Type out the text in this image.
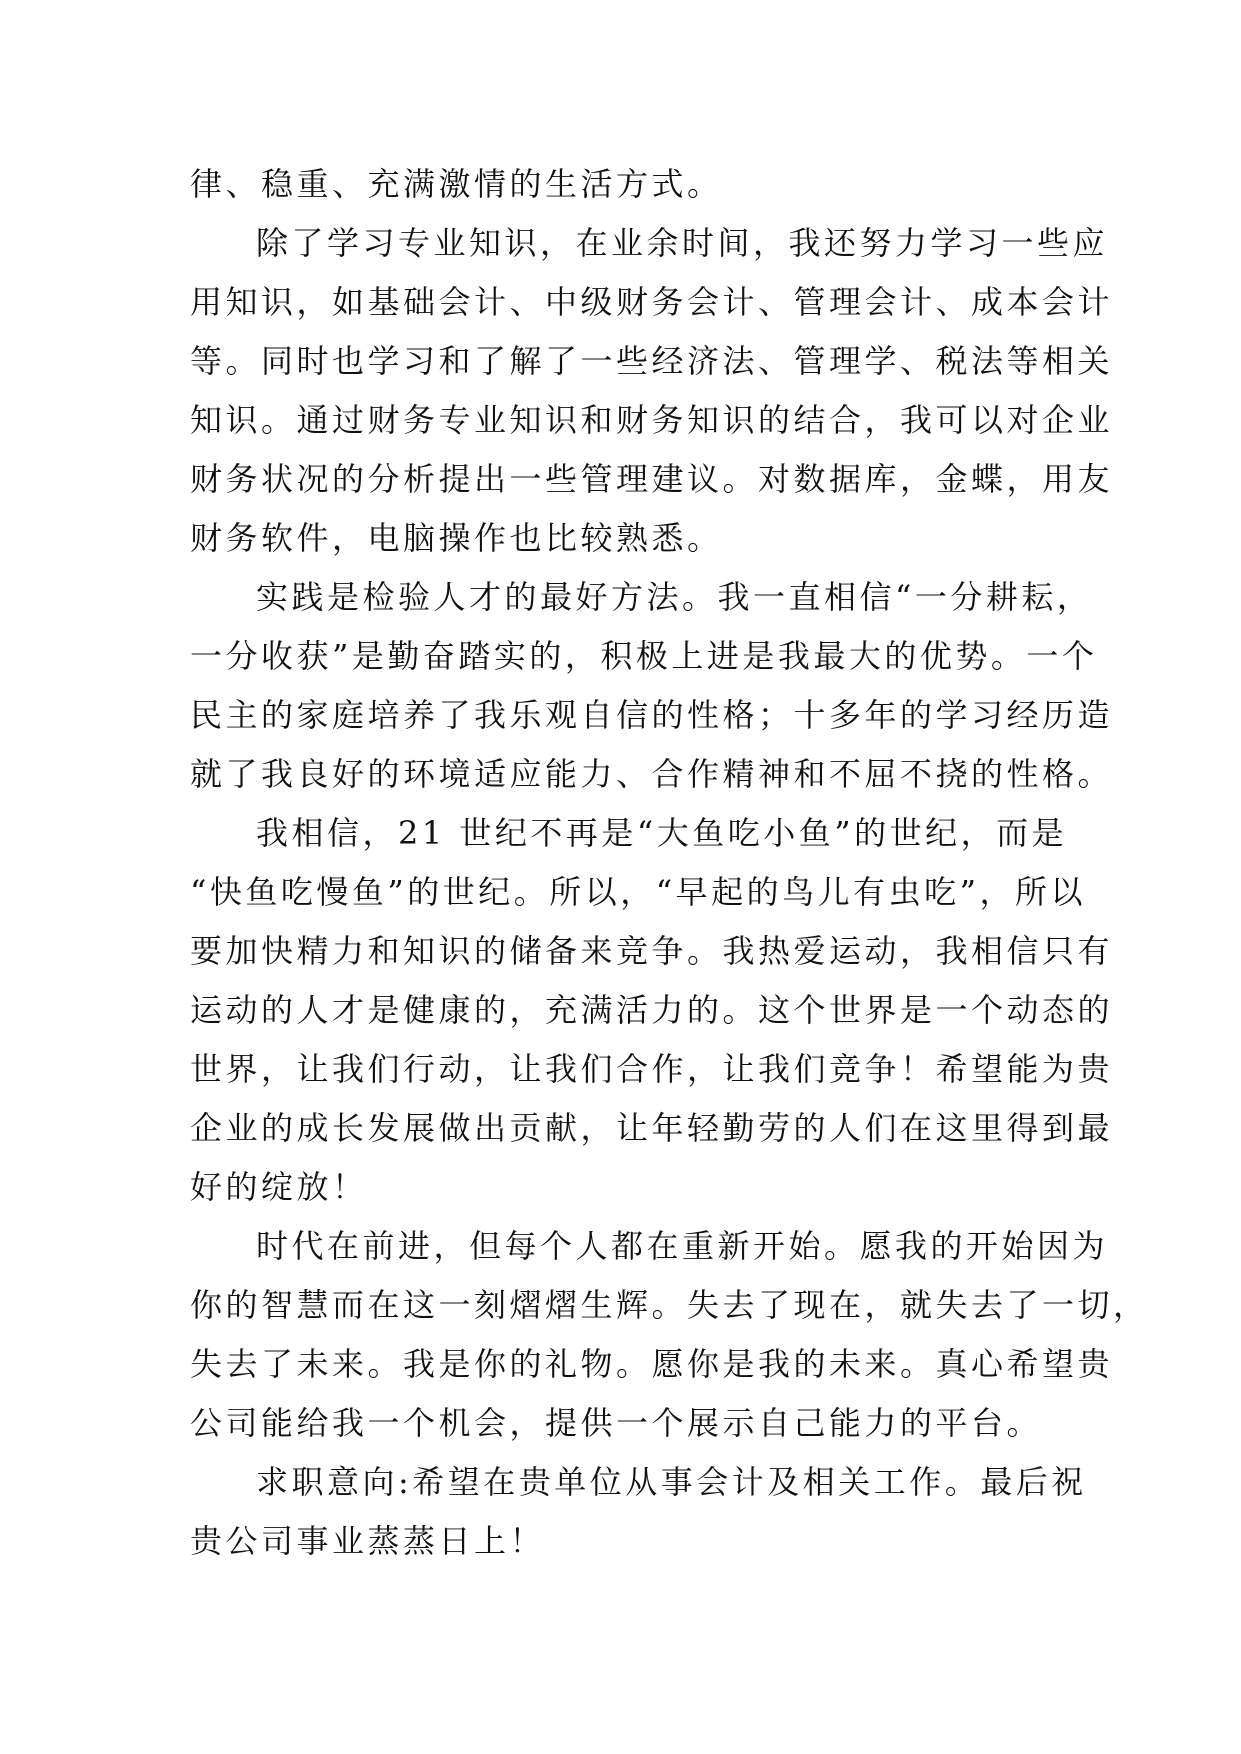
律、稳重、充满激情的生活方式。
除了学习专业知识，在业余时间，我还努力学习一些应
用知识，如基础会计、中级财务会计、管理会计、成本会计
等。同时也学习和了解了一些经济法、管理学、税法等相关
知识。通过财务专业知识和财务知识的结合，我可以对企业
财务状况的分析提出一些管理建议。对数据库，金蝶，用友
财务软件，电脑操作也比较熟悉。
实践是检验人才的最好方法。我一直相信“一分耕耘，
一分收获”是勤奋踏实的，积极上进是我最大的优势。一个
民主的家庭培养了我乐观自信的性格；十多年的学习经历造
就了我良好的环境适应能力、合作精神和不屈不挠的性格。
我相信，21 世纪不再是“大鱼吃小鱼”的世纪，而是
“快鱼吃慢鱼”的世纪。所以，“早起的鸟儿有虫吃”，所以
要加快精力和知识的储备来竞争。我热爱运动，我相信只有
运动的人才是健康的，充满活力的。这个世界是一个动态的
世界，让我们行动，让我们合作，让我们竞争！希望能为贵
企业的成长发展做出贡献，让年轻勤劳的人们在这里得到最
好的绽放！
时代在前进，但每个人都在重新开始。愿我的开始因为
你的智慧而在这一刻熠熠生辉。失去了现在，就失去了一切，
失去了未来。我是你的礼物。愿你是我的未来。真心希望贵
公司能给我一个机会，提供一个展示自己能力的平台。
求职意向:希望在贵单位从事会计及相关工作。最后祝
贵公司事业蒸蒸日上！
